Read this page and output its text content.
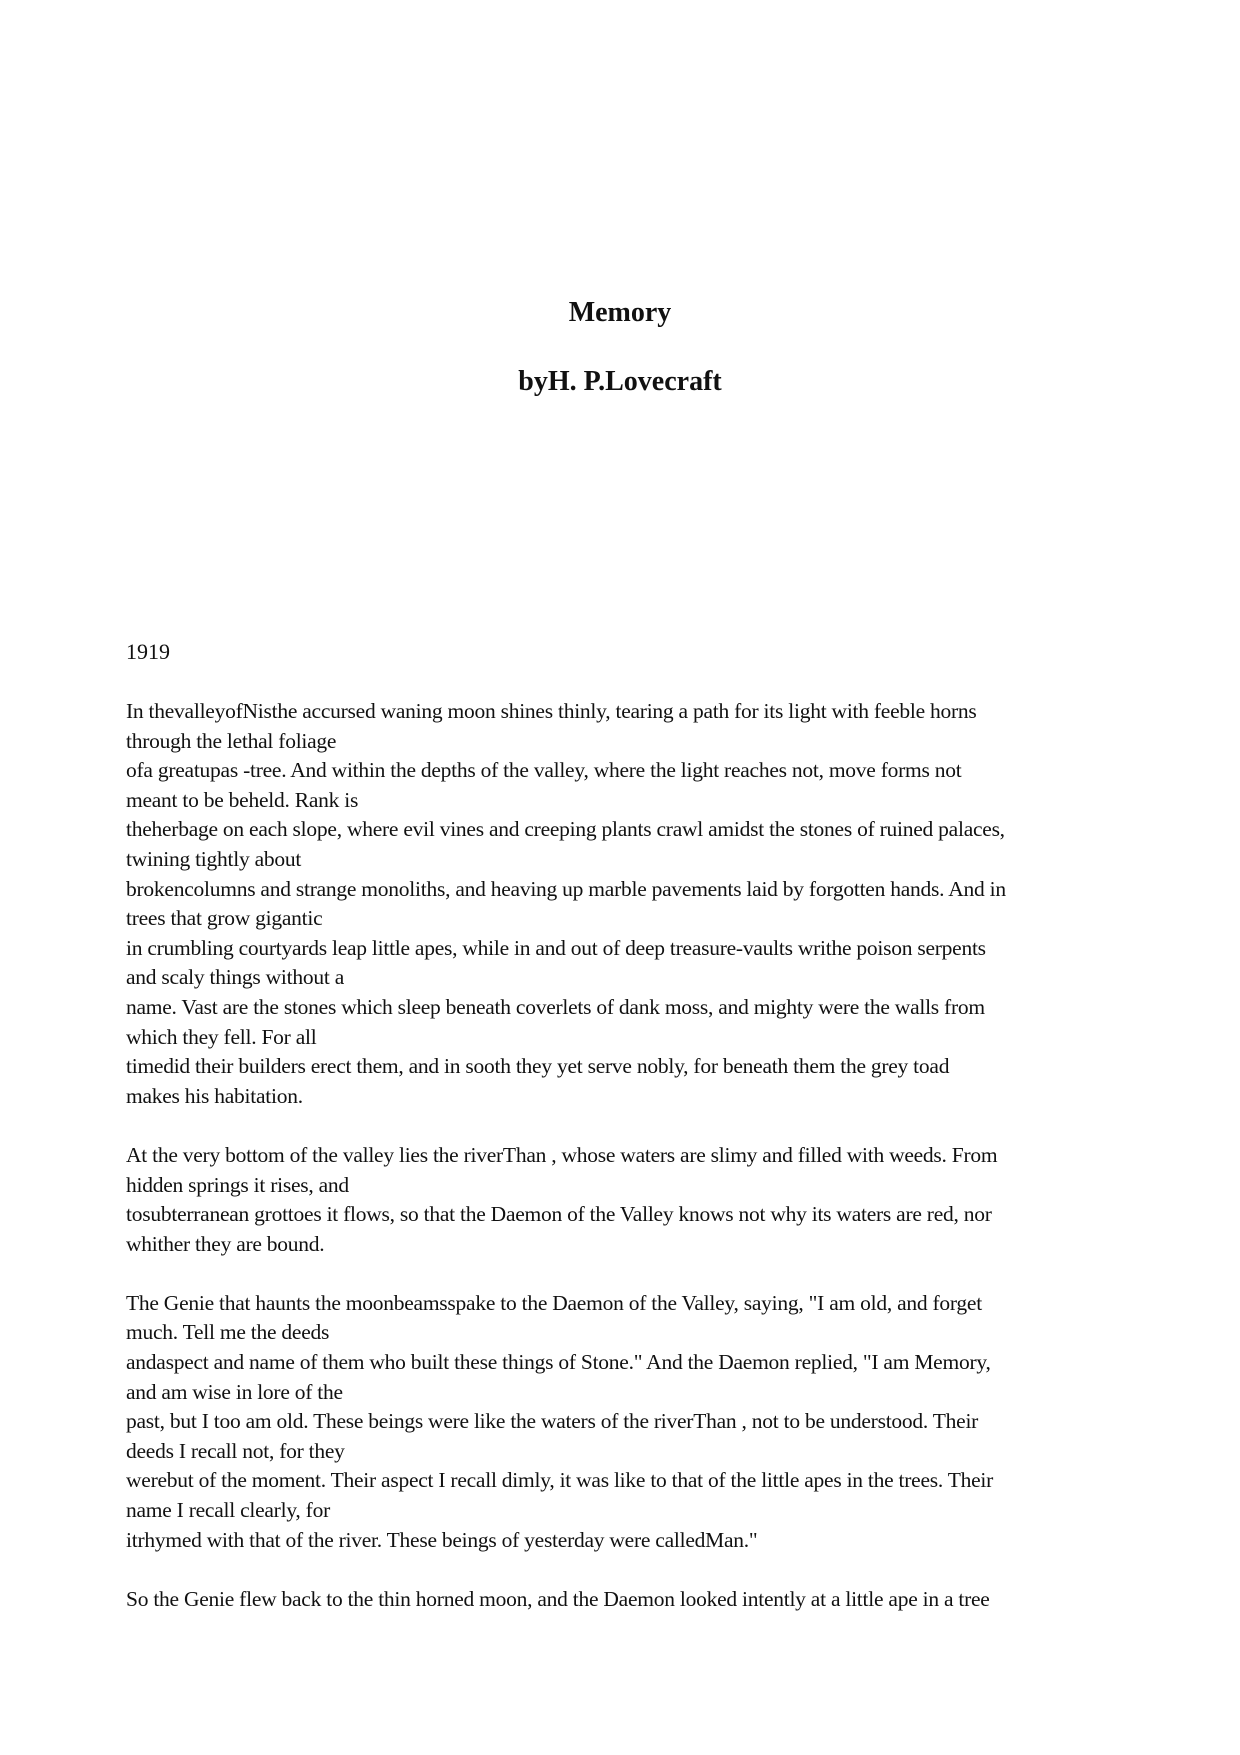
Memory
byH. P.Lovecraft

1919

In thevalleyofNisthe accursed waning moon shines thinly, tearing a path for its light with feeble horns
through the lethal foliage
ofa greatupas -tree. And within the depths of the valley, where the light reaches not, move forms not
meant to be beheld. Rank is
theherbage on each slope, where evil vines and creeping plants crawl amidst the stones of ruined palaces,
twining tightly about
brokencolumns and strange monoliths, and heaving up marble pavements laid by forgotten hands. And in
trees that grow gigantic
in crumbling courtyards leap little apes, while in and out of deep treasure-vaults writhe poison serpents
and scaly things without a
name. Vast are the stones which sleep beneath coverlets of dank moss, and mighty were the walls from
which they fell. For all
timedid their builders erect them, and in sooth they yet serve nobly, for beneath them the grey toad
makes his habitation.

At the very bottom of the valley lies the riverThan , whose waters are slimy and filled with weeds. From
hidden springs it rises, and
tosubterranean grottoes it flows, so that the Daemon of the Valley knows not why its waters are red, nor
whither they are bound.

The Genie that haunts the moonbeamsspake to the Daemon of the Valley, saying, "I am old, and forget
much. Tell me the deeds
andaspect and name of them who built these things of Stone." And the Daemon replied, "I am Memory,
and am wise in lore of the
past, but I too am old. These beings were like the waters of the riverThan , not to be understood. Their
deeds I recall not, for they
werebut of the moment. Their aspect I recall dimly, it was like to that of the little apes in the trees. Their
name I recall clearly, for
itrhymed with that of the river. These beings of yesterday were calledMan."

So the Genie flew back to the thin horned moon, and the Daemon looked intently at a little ape in a tree
